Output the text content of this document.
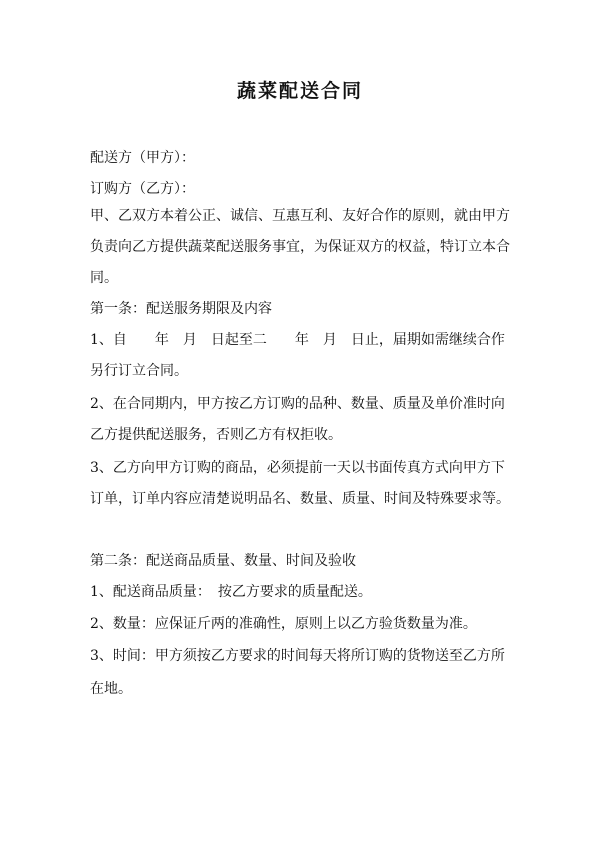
蔬菜配送合同
配送方（甲方）：
订购方（乙方）：
甲、乙双方本着公正、诚信、互惠互利、友好合作的原则，就由甲方
负责向乙方提供蔬菜配送服务事宜，为保证双方的权益，特订立本合
同。
第一条：配送服务期限及内容
1、自　　年　月　日起至二　　年　月　日止，届期如需继续合作
另行订立合同。
2、在合同期内，甲方按乙方订购的品种、数量、质量及单价准时向
乙方提供配送服务，否则乙方有权拒收。
3、乙方向甲方订购的商品，必须提前一天以书面传真方式向甲方下
订单，订单内容应清楚说明品名、数量、质量、时间及特殊要求等。
第二条：配送商品质量、数量、时间及验收
1、配送商品质量：　按乙方要求的质量配送。
2、数量：应保证斤两的准确性，原则上以乙方验货数量为准。
3、时间：甲方须按乙方要求的时间每天将所订购的货物送至乙方所
在地。
